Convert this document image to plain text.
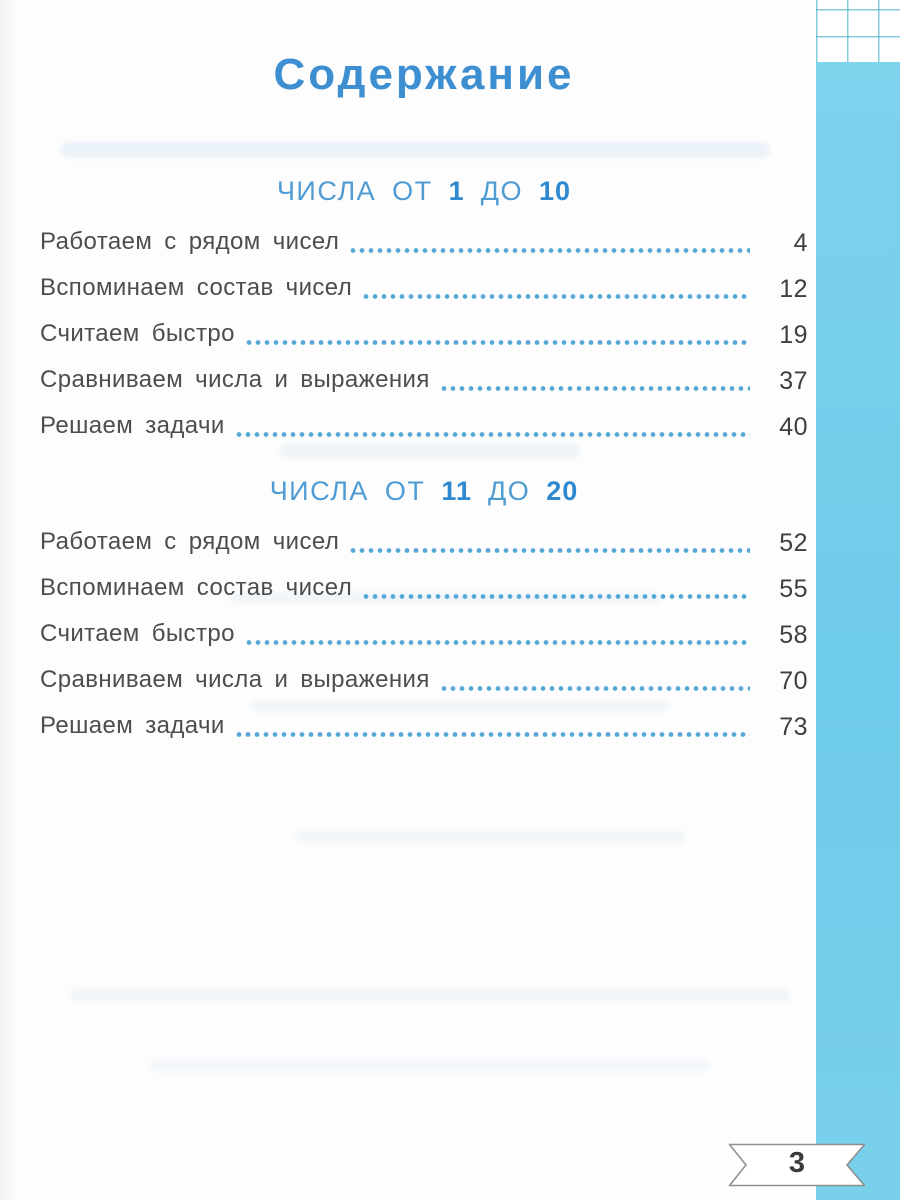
Содержание
ЧИСЛА ОТ 1 ДО 10
Работаем с рядом чисел	4
Вспоминаем состав чисел	12
Считаем быстро	19
Сравниваем числа и выражения	37
Решаем задачи	40
ЧИСЛА ОТ 11 ДО 20
Работаем с рядом чисел	52
Вспоминаем состав чисел	55
Считаем быстро	58
Сравниваем числа и выражения	70
Решаем задачи	73
3
